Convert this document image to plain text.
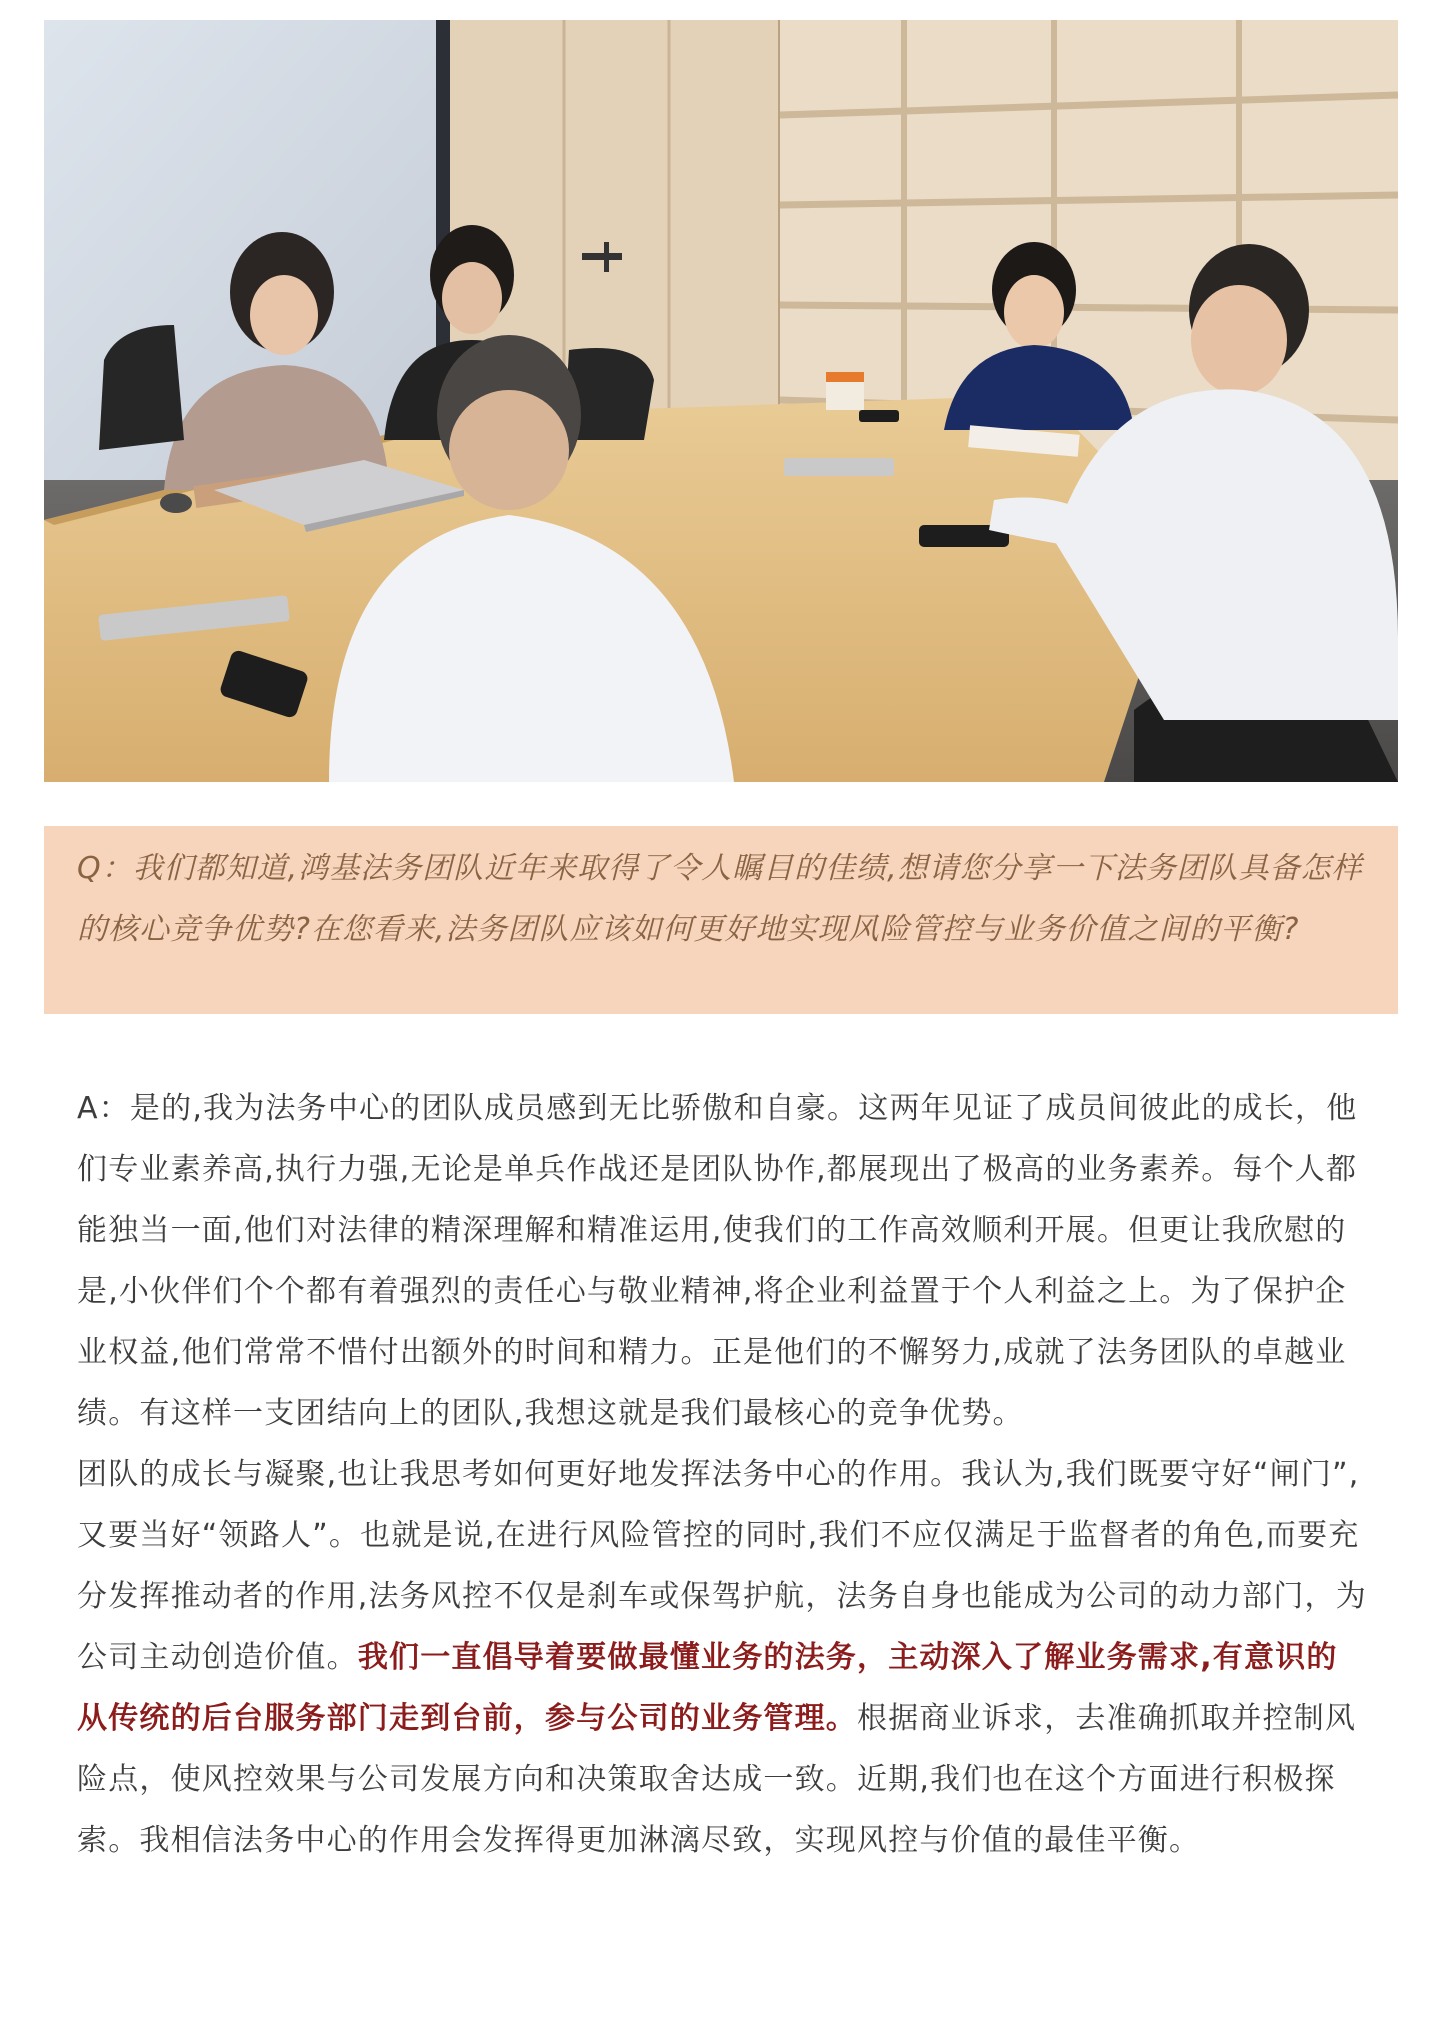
Q：我们都知道,鸿基法务团队近年来取得了令人瞩目的佳绩,想请您分享一下法务团队具备怎样的核心竞争优势?在您看来,法务团队应该如何更好地实现风险管控与业务价值之间的平衡?

A：是的,我为法务中心的团队成员感到无比骄傲和自豪。这两年见证了成员间彼此的成长，他们专业素养高,执行力强,无论是单兵作战还是团队协作,都展现出了极高的业务素养。每个人都能独当一面,他们对法律的精深理解和精准运用,使我们的工作高效顺利开展。但更让我欣慰的是,小伙伴们个个都有着强烈的责任心与敬业精神,将企业利益置于个人利益之上。为了保护企业权益,他们常常不惜付出额外的时间和精力。正是他们的不懈努力,成就了法务团队的卓越业绩。有这样一支团结向上的团队,我想这就是我们最核心的竞争优势。

团队的成长与凝聚,也让我思考如何更好地发挥法务中心的作用。我认为,我们既要守好“闸门”,又要当好“领路人”。也就是说,在进行风险管控的同时,我们不应仅满足于监督者的角色,而要充分发挥推动者的作用,法务风控不仅是刹车或保驾护航，法务自身也能成为公司的动力部门，为公司主动创造价值。我们一直倡导着要做最懂业务的法务，主动深入了解业务需求,有意识的从传统的后台服务部门走到台前，参与公司的业务管理。根据商业诉求，去准确抓取并控制风险点，使风控效果与公司发展方向和决策取舍达成一致。近期,我们也在这个方面进行积极探索。我相信法务中心的作用会发挥得更加淋漓尽致，实现风控与价值的最佳平衡。
